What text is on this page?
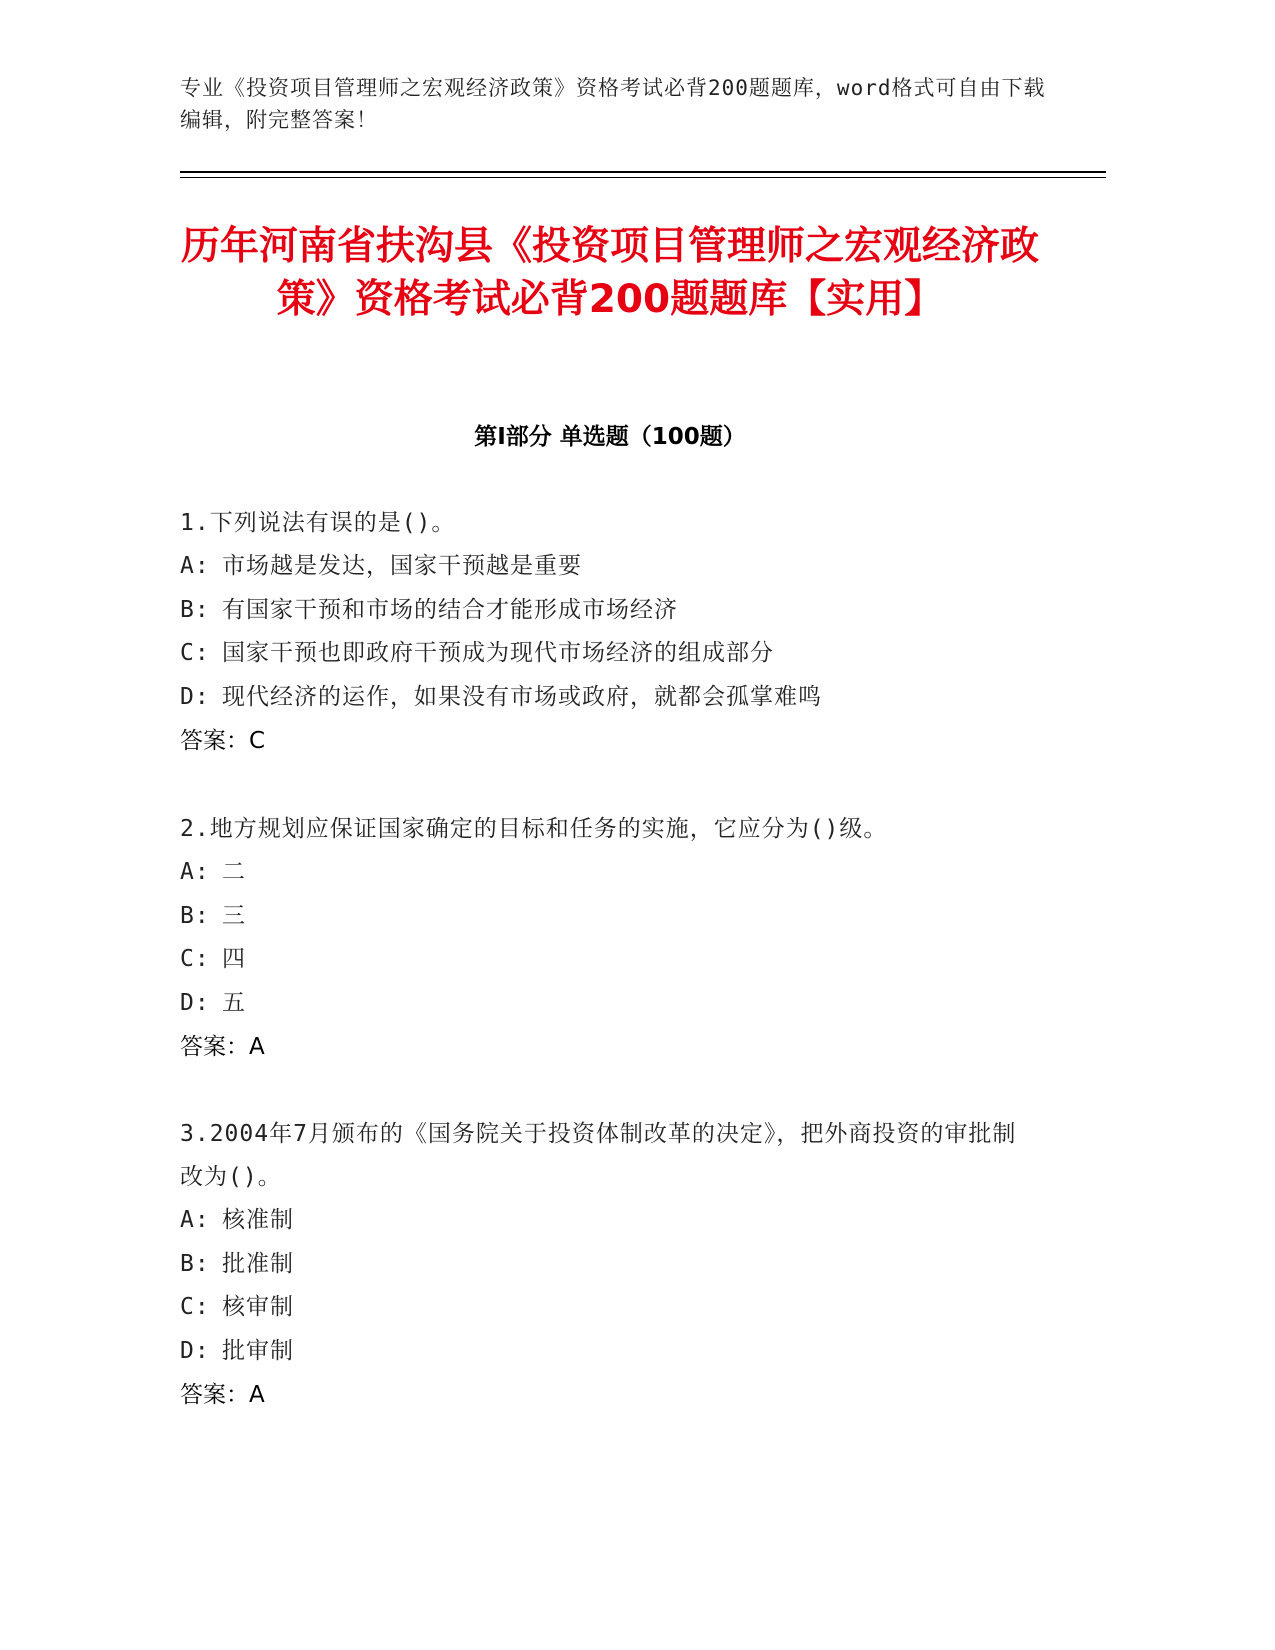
专业《投资项目管理师之宏观经济政策》资格考试必背200题题库，word格式可自由下载编辑，附完整答案！
历年河南省扶沟县《投资项目管理师之宏观经济政策》资格考试必背200题题库【实用】
第I部分 单选题（100题）
1.下列说法有误的是()。
A: 市场越是发达，国家干预越是重要
B: 有国家干预和市场的结合才能形成市场经济
C: 国家干预也即政府干预成为现代市场经济的组成部分
D: 现代经济的运作，如果没有市场或政府，就都会孤掌难鸣
答案：C
2.地方规划应保证国家确定的目标和任务的实施，它应分为()级。
A: 二
B: 三
C: 四
D: 五
答案：A
3.2004年7月颁布的《国务院关于投资体制改革的决定》，把外商投资的审批制改为()。
A: 核准制
B: 批准制
C: 核审制
D: 批审制
答案：A
